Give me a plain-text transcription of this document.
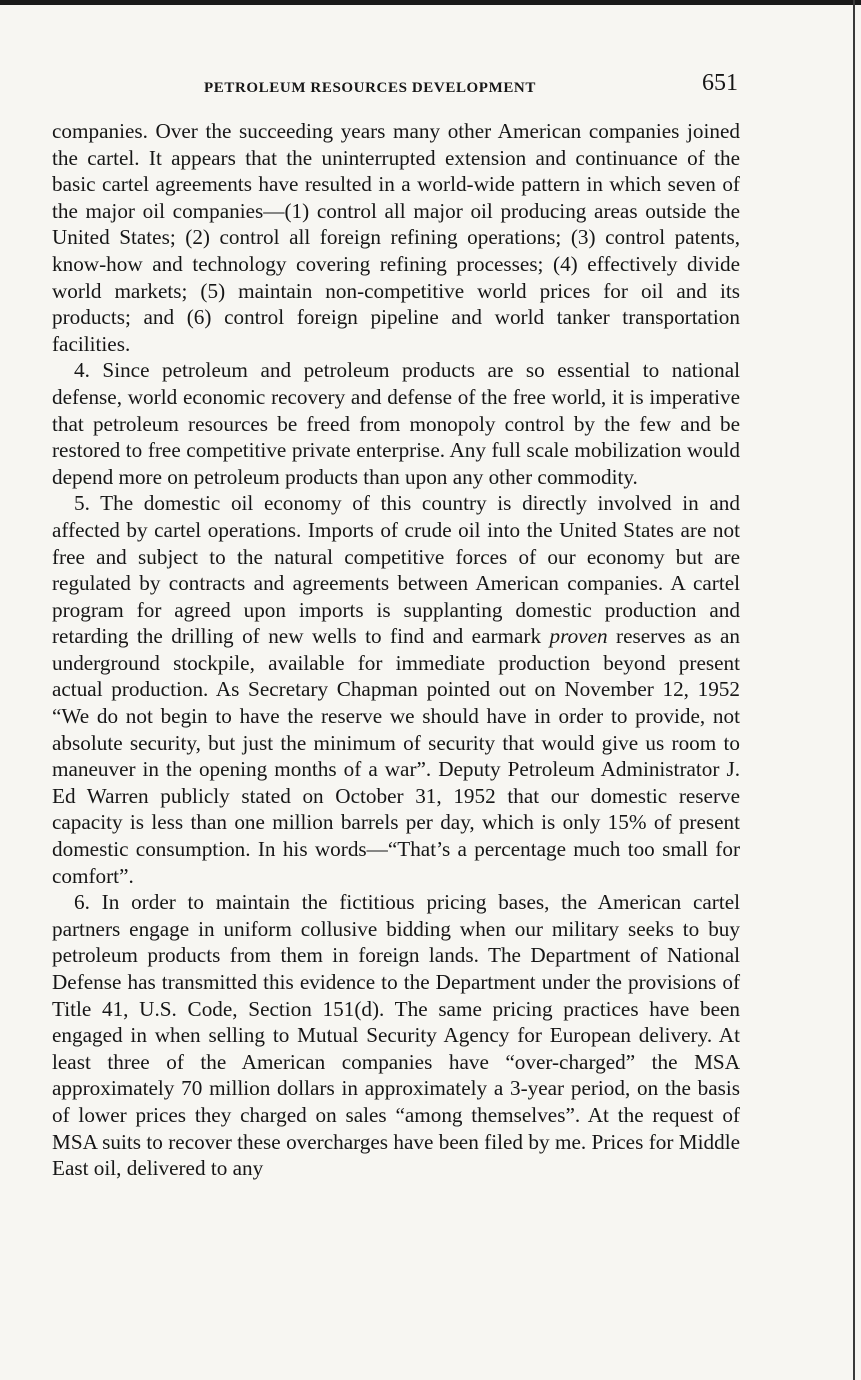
PETROLEUM RESOURCES DEVELOPMENT	651

companies. Over the succeeding years many other American companies joined the cartel. It appears that the uninterrupted extension and continuance of the basic cartel agreements have resulted in a world-wide pattern in which seven of the major oil companies—(1) control all major oil producing areas outside the United States; (2) control all foreign refining operations; (3) control patents, know-how and technology covering refining processes; (4) effectively divide world markets; (5) maintain non-competitive world prices for oil and its products; and (6) control foreign pipeline and world tanker transportation facilities.

4. Since petroleum and petroleum products are so essential to national defense, world economic recovery and defense of the free world, it is imperative that petroleum resources be freed from monopoly control by the few and be restored to free competitive private enterprise. Any full scale mobilization would depend more on petroleum products than upon any other commodity.

5. The domestic oil economy of this country is directly involved in and affected by cartel operations. Imports of crude oil into the United States are not free and subject to the natural competitive forces of our economy but are regulated by contracts and agreements between American companies. A cartel program for agreed upon imports is supplanting domestic production and retarding the drilling of new wells to find and earmark proven reserves as an underground stockpile, available for immediate production beyond present actual production. As Secretary Chapman pointed out on November 12, 1952 “We do not begin to have the reserve we should have in order to provide, not absolute security, but just the minimum of security that would give us room to maneuver in the opening months of a war”. Deputy Petroleum Administrator J. Ed Warren publicly stated on October 31, 1952 that our domestic reserve capacity is less than one million barrels per day, which is only 15% of present domestic consumption. In his words—“That’s a percentage much too small for comfort”.

6. In order to maintain the fictitious pricing bases, the American cartel partners engage in uniform collusive bidding when our military seeks to buy petroleum products from them in foreign lands. The Department of National Defense has transmitted this evidence to the Department under the provisions of Title 41, U.S. Code, Section 151(d). The same pricing practices have been engaged in when selling to Mutual Security Agency for European delivery. At least three of the American companies have “over-charged” the MSA approximately 70 million dollars in approximately a 3-year period, on the basis of lower prices they charged on sales “among themselves”. At the request of MSA suits to recover these overcharges have been filed by me. Prices for Middle East oil, delivered to any
